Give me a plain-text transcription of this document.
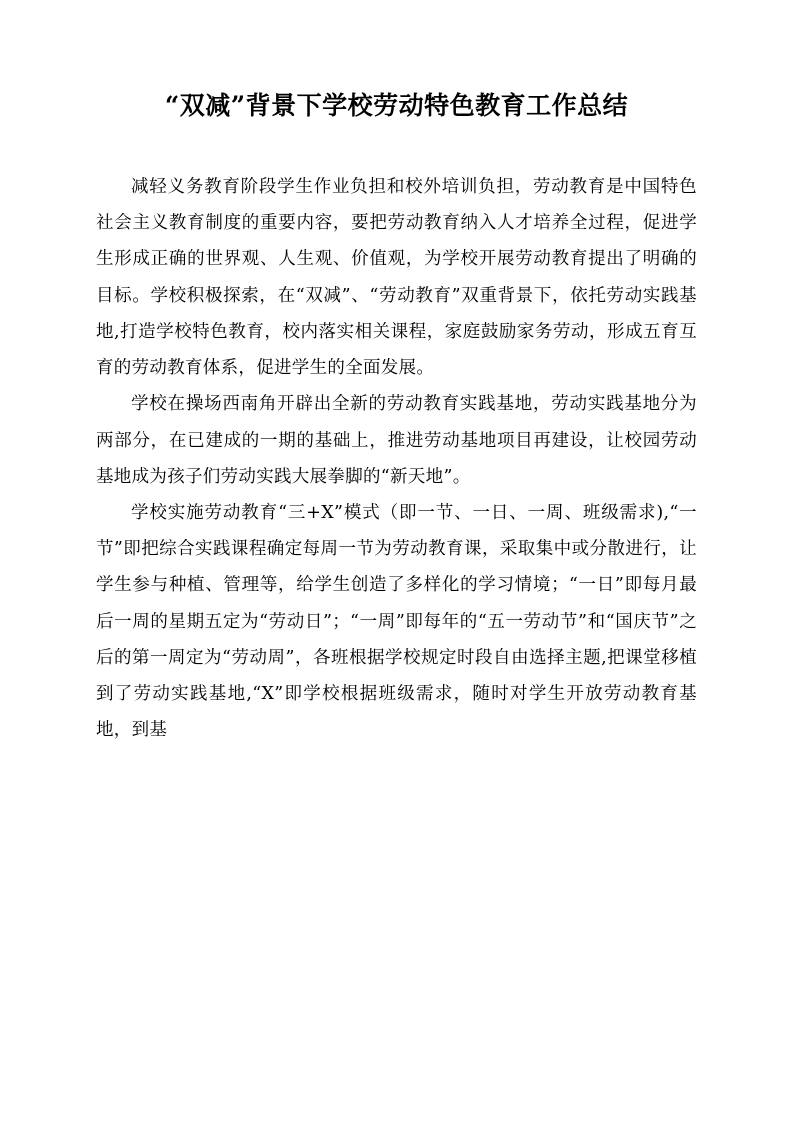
“双减”背景下学校劳动特色教育工作总结

减轻义务教育阶段学生作业负担和校外培训负担，劳动教育是中国特色社会主义教育制度的重要内容，要把劳动教育纳入人才培养全过程，促进学生形成正确的世界观、人生观、价值观，为学校开展劳动教育提出了明确的目标。学校积极探索，在“双减”、“劳动教育”双重背景下，依托劳动实践基地,打造学校特色教育，校内落实相关课程，家庭鼓励家务劳动，形成五育互育的劳动教育体系，促进学生的全面发展。

学校在操场西南角开辟出全新的劳动教育实践基地，劳动实践基地分为两部分，在已建成的一期的基础上，推进劳动基地项目再建设，让校园劳动基地成为孩子们劳动实践大展拳脚的“新天地”。

学校实施劳动教育“三+X”模式（即一节、一日、一周、班级需求),“一节”即把综合实践课程确定每周一节为劳动教育课，采取集中或分散进行，让学生参与种植、管理等，给学生创造了多样化的学习情境；“一日”即每月最后一周的星期五定为“劳动日”；“一周”即每年的“五一劳动节”和“国庆节”之后的第一周定为“劳动周”，各班根据学校规定时段自由选择主题,把课堂移植到了劳动实践基地,“X”即学校根据班级需求，随时对学生开放劳动教育基地，到基
